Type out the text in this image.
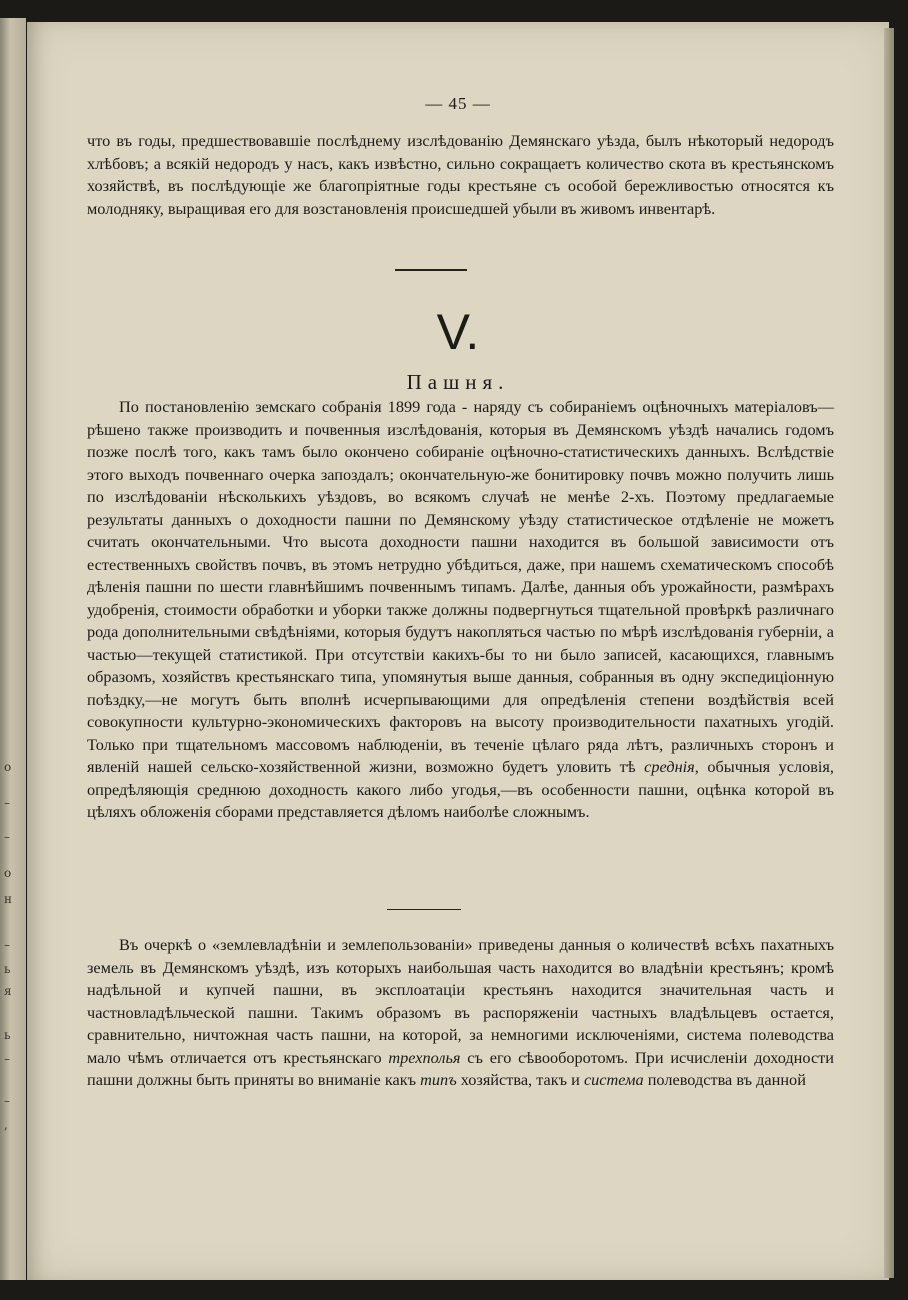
о
–
–
о
н
–
ь
я
ь
–
–
,
— 45 —

что въ годы, предшествовавшіе послѣднему изслѣдованію Демянскаго уѣзда, былъ нѣкоторый недородъ хлѣбовъ; а всякій недородъ у насъ, какъ извѣстно, сильно сокращаетъ количество скота въ крестьянскомъ хозяйствѣ, въ послѣдующіе же благопріятные годы крестьяне съ особой бережливостью относятся къ молодняку, выращивая его для возстановленія происшедшей убыли въ живомъ инвентарѣ.

V.
Пашня.

По постановленію земскаго собранія 1899 года - наряду съ собираніемъ оцѣночныхъ матеріаловъ—рѣшено также производить и почвенныя изслѣдованія, которыя въ Демянскомъ уѣздѣ начались годомъ позже послѣ того, какъ тамъ было окончено собираніе оцѣночно-статистическихъ данныхъ. Вслѣдствіе этого выходъ почвеннаго очерка запоздалъ; окончательную-же бонитировку почвъ можно получить лишь по изслѣдованіи нѣсколькихъ уѣздовъ, во всякомъ случаѣ не менѣе 2-хъ. Поэтому предлагаемые результаты данныхъ о доходности пашни по Демянскому уѣзду статистическое отдѣленіе не можетъ считать окончательными. Что высота доходности пашни находится въ большой зависимости отъ естественныхъ свойствъ почвъ, въ этомъ нетрудно убѣдиться, даже, при нашемъ схематическомъ способѣ дѣленія пашни по шести главнѣйшимъ почвеннымъ типамъ. Далѣе, данныя объ урожайности, размѣрахъ удобренія, стоимости обработки и уборки также должны подвергнуться тщательной провѣркѣ различнаго рода дополнительными свѣдѣніями, которыя будутъ накопляться частью по мѣрѣ изслѣдованія губерніи, а частью—текущей статистикой. При отсутствіи какихъ-бы то ни было записей, касающихся, главнымъ образомъ, хозяйствъ крестьянскаго типа, упомянутыя выше данныя, собранныя въ одну экспедиціонную поѣздку,—не могутъ быть вполнѣ исчерпывающими для опредѣленія степени воздѣйствія всей совокупности культурно-экономическихъ факторовъ на высоту производительности пахатныхъ угодій. Только при тщательномъ массовомъ наблюденіи, въ теченіе цѣлаго ряда лѣтъ, различныхъ сторонъ и явленій нашей сельско-хозяйственной жизни, возможно будетъ уловить тѣ среднія, обычныя условія, опредѣляющія среднюю доходность какого либо угодья,—въ особенности пашни, оцѣнка которой въ цѣляхъ обложенія сборами представляется дѣломъ наиболѣе сложнымъ.

Въ очеркѣ о «землевладѣніи и землепользованіи» приведены данныя о количествѣ всѣхъ пахатныхъ земель въ Демянскомъ уѣздѣ, изъ которыхъ наибольшая часть находится во владѣніи крестьянъ; кромѣ надѣльной и купчей пашни, въ эксплоатаціи крестьянъ находится значительная часть и частновладѣльческой пашни. Такимъ образомъ въ распоряженіи частныхъ владѣльцевъ остается, сравнительно, ничтожная часть пашни, на которой, за немногими исключеніями, система полеводства мало чѣмъ отличается отъ крестьянскаго трехполья съ его сѣвооборотомъ. При исчисленіи доходности пашни должны быть приняты во вниманіе какъ типъ хозяйства, такъ и система полеводства въ данной
